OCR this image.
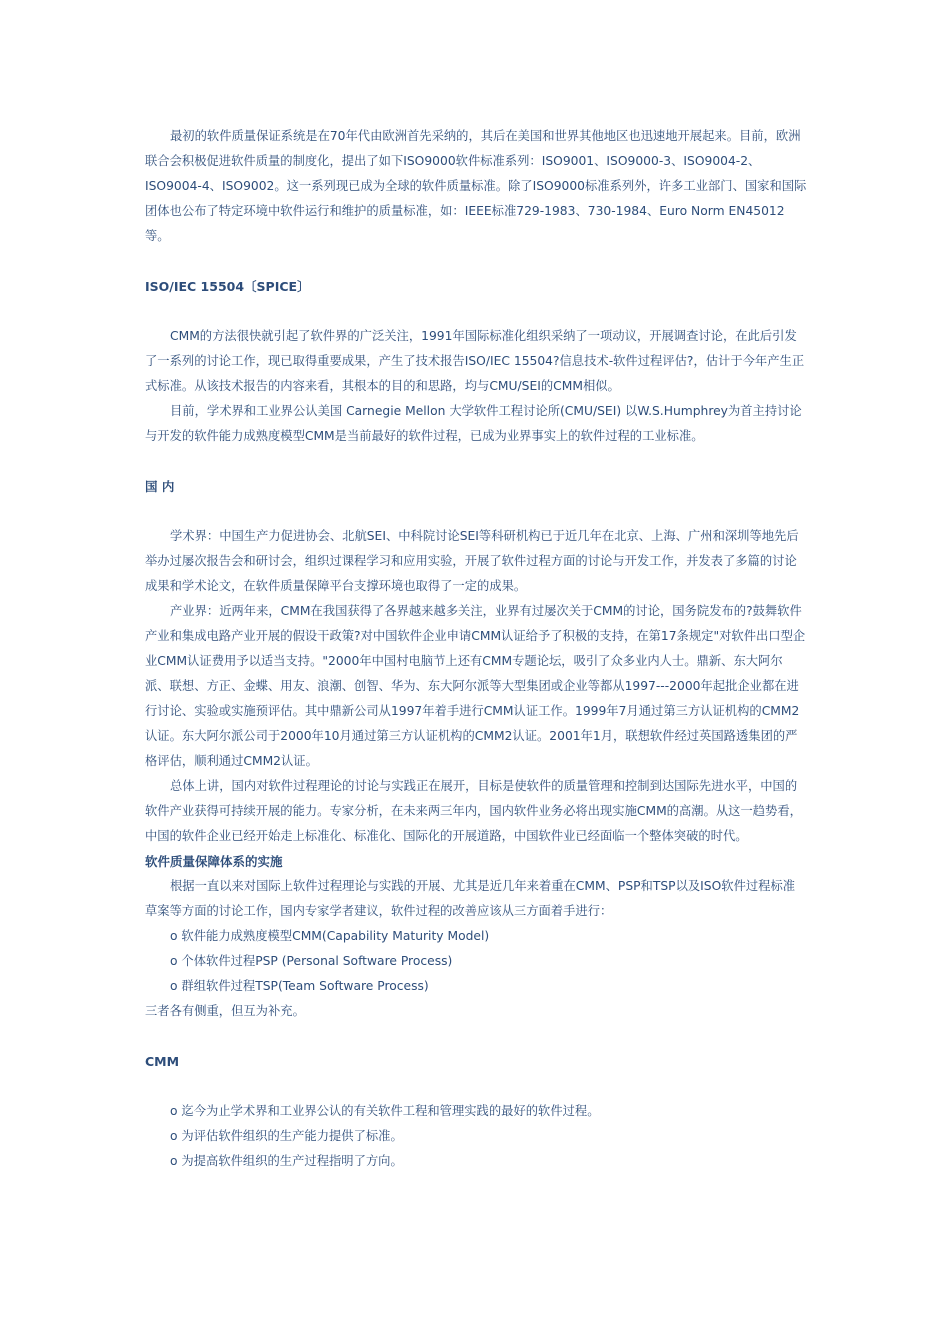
最初的软件质量保证系统是在70年代由欧洲首先采纳的，其后在美国和世界其他地区也迅速地开展起来。目前，欧洲联合会积极促进软件质量的制度化，提出了如下ISO9000软件标准系列：ISO9001、ISO9000-3、ISO9004-2、ISO9004-4、ISO9002。这一系列现已成为全球的软件质量标准。除了ISO9000标准系列外，许多工业部门、国家和国际团体也公布了特定环境中软件运行和维护的质量标准，如：IEEE标准729-1983、730-1984、Euro Norm EN45012等。

ISO/IEC 15504〔SPICE〕

CMM的方法很快就引起了软件界的广泛关注，1991年国际标准化组织采纳了一项动议，开展调查讨论，在此后引发了一系列的讨论工作，现已取得重要成果，产生了技术报告ISO/IEC 15504?信息技术-软件过程评估?，估计于今年产生正式标准。从该技术报告的内容来看，其根本的目的和思路，均与CMU/SEI的CMM相似。

目前，学术界和工业界公认美国 Carnegie Mellon 大学软件工程讨论所(CMU/SEI) 以W.S.Humphrey为首主持讨论与开发的软件能力成熟度模型CMM是当前最好的软件过程，已成为业界事实上的软件过程的工业标准。

国 内

学术界：中国生产力促进协会、北航SEI、中科院讨论SEI等科研机构已于近几年在北京、上海、广州和深圳等地先后举办过屡次报告会和研讨会，组织过课程学习和应用实验，开展了软件过程方面的讨论与开发工作，并发表了多篇的讨论成果和学术论文，在软件质量保障平台支撑环境也取得了一定的成果。

产业界：近两年来，CMM在我国获得了各界越来越多关注，业界有过屡次关于CMM的讨论，国务院发布的?鼓舞软件产业和集成电路产业开展的假设干政策?对中国软件企业申请CMM认证给予了积极的支持，在第17条规定"对软件出口型企业CMM认证费用予以适当支持。"2000年中国村电脑节上还有CMM专题论坛，吸引了众多业内人士。鼎新、东大阿尔派、联想、方正、金蝶、用友、浪潮、创智、华为、东大阿尔派等大型集团或企业等都从1997---2000年起批企业都在进行讨论、实验或实施预评估。其中鼎新公司从1997年着手进行CMM认证工作。1999年7月通过第三方认证机构的CMM2认证。东大阿尔派公司于2000年10月通过第三方认证机构的CMM2认证。2001年1月，联想软件经过英国路透集团的严格评估，顺利通过CMM2认证。

总体上讲，国内对软件过程理论的讨论与实践正在展开，目标是使软件的质量管理和控制到达国际先进水平，中国的软件产业获得可持续开展的能力。专家分析，在未来两三年内，国内软件业务必将出现实施CMM的高潮。从这一趋势看，中国的软件企业已经开始走上标准化、标准化、国际化的开展道路，中国软件业已经面临一个整体突破的时代。

软件质量保障体系的实施

根据一直以来对国际上软件过程理论与实践的开展、尤其是近几年来着重在CMM、PSP和TSP以及ISO软件过程标准草案等方面的讨论工作，国内专家学者建议，软件过程的改善应该从三方面着手进行：

o 软件能力成熟度模型CMM(Capability Maturity Model)

o 个体软件过程PSP (Personal Software Process)

o 群组软件过程TSP(Team Software Process)

三者各有侧重，但互为补充。

CMM

o 迄今为止学术界和工业界公认的有关软件工程和管理实践的最好的软件过程。

o 为评估软件组织的生产能力提供了标准。

o 为提高软件组织的生产过程指明了方向。
